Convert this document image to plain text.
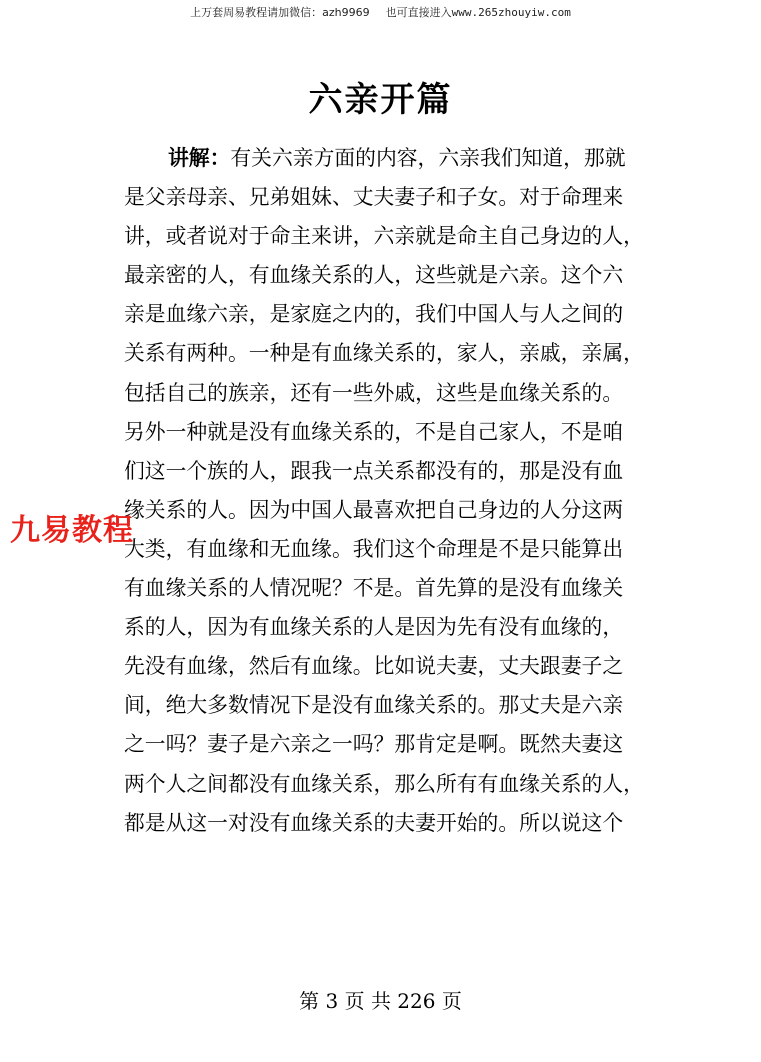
上万套周易教程请加微信：azh9969 也可直接进入www.265zhouyiw.com
六亲开篇
讲解：有关六亲方面的内容，六亲我们知道，那就
是父亲母亲、兄弟姐妹、丈夫妻子和子女。对于命理来
讲，或者说对于命主来讲，六亲就是命主自己身边的人，
最亲密的人，有血缘关系的人，这些就是六亲。这个六
亲是血缘六亲，是家庭之内的，我们中国人与人之间的
关系有两种。一种是有血缘关系的，家人，亲戚，亲属，
包括自己的族亲，还有一些外戚，这些是血缘关系的。
另外一种就是没有血缘关系的，不是自己家人，不是咱
们这一个族的人，跟我一点关系都没有的，那是没有血
缘关系的人。因为中国人最喜欢把自己身边的人分这两
大类，有血缘和无血缘。我们这个命理是不是只能算出
有血缘关系的人情况呢？不是。首先算的是没有血缘关
系的人，因为有血缘关系的人是因为先有没有血缘的，
先没有血缘，然后有血缘。比如说夫妻，丈夫跟妻子之
间，绝大多数情况下是没有血缘关系的。那丈夫是六亲
之一吗？妻子是六亲之一吗？那肯定是啊。既然夫妻这
两个人之间都没有血缘关系，那么所有有血缘关系的人，
都是从这一对没有血缘关系的夫妻开始的。所以说这个
九易教程
第 3 页 共 226 页
